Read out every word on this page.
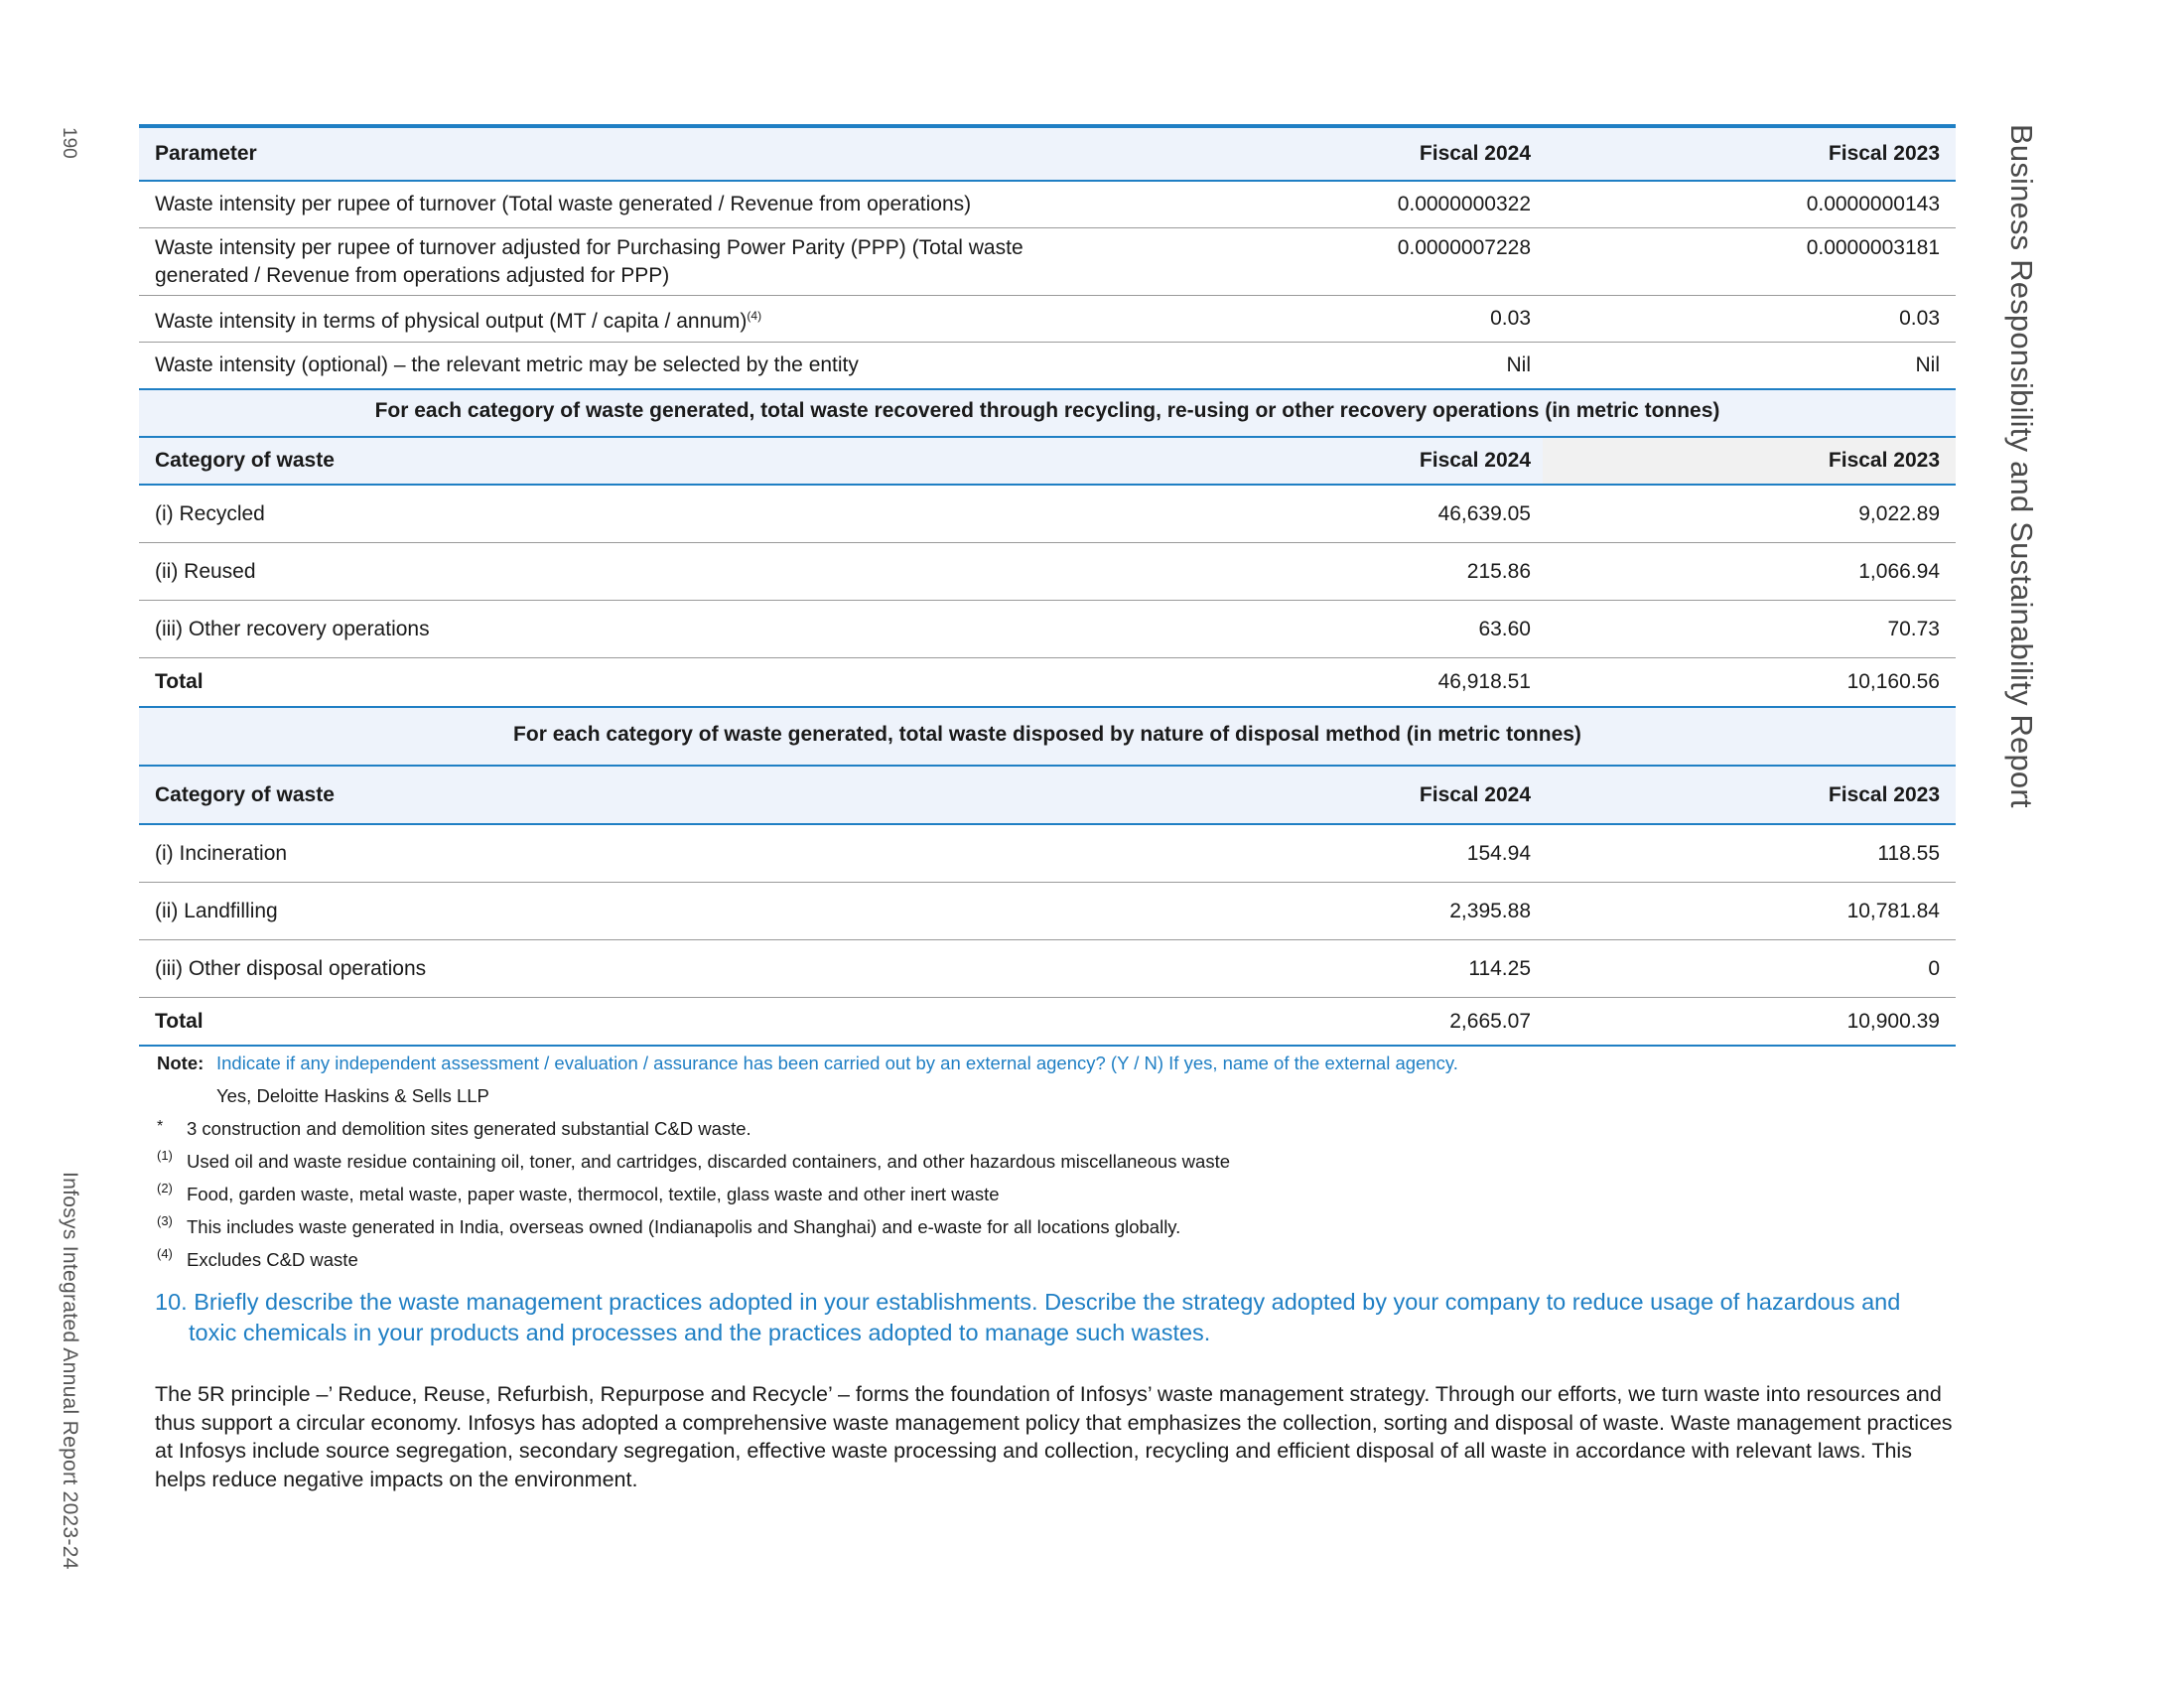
190
Infosys Integrated Annual Report 2023-24
Business Responsibility and Sustainability Report
Parameter	Fiscal 2024	Fiscal 2023
Waste intensity per rupee of turnover (Total waste generated / Revenue from operations)	0.0000000322	0.0000000143
Waste intensity per rupee of turnover adjusted for Purchasing Power Parity (PPP) (Total waste
generated / Revenue from operations adjusted for PPP)
0.0000007228	0.0000003181
Waste intensity in terms of physical output (MT / capita / annum)$^{(4)}$	0.03	0.03
Waste intensity (optional) – the relevant metric may be selected by the entity	Nil	Nil
For each category of waste generated, total waste recovered through recycling, re-using or other recovery operations (in metric tonnes)
Category of waste	Fiscal 2024	Fiscal 2023
(i) Recycled	46,639.05	9,022.89
(ii) Reused	215.86	1,066.94
(iii) Other recovery operations	63.60	70.73
Total	46,918.51	10,160.56
For each category of waste generated, total waste disposed by nature of disposal method (in metric tonnes)
Category of waste	Fiscal 2024	Fiscal 2023
(i) Incineration	154.94	118.55
(ii) Landfilling	2,395.88	10,781.84
(iii) Other disposal operations	114.25	0
Total	2,665.07	10,900.39
Note: Indicate if any independent assessment / evaluation / assurance has been carried out by an external agency? (Y / N) If yes, name of the external agency.
Yes, Deloitte Haskins & Sells LLP
*	3 construction and demolition sites generated substantial C&D waste.
(1) Used oil and waste residue containing oil, toner, and cartridges, discarded containers, and other hazardous miscellaneous waste
(2) Food, garden waste, metal waste, paper waste, thermocol, textile, glass waste and other inert waste
(3) This includes waste generated in India, overseas owned (Indianapolis and Shanghai) and e-waste for all locations globally.
(4) Excludes C&D waste
10. Briefly describe the waste management practices adopted in your establishments. Describe the strategy adopted by your company to reduce usage of hazardous and
toxic chemicals in your products and processes and the practices adopted to manage such wastes.
The 5R principle –’ Reduce, Reuse, Refurbish, Repurpose and Recycle’ – forms the foundation of Infosys’ waste management strategy. Through our efforts, we turn waste into resources and thus support a circular economy. Infosys has adopted a comprehensive waste management policy that emphasizes the collection, sorting and disposal of waste. Waste management practices at Infosys include source segregation, secondary segregation, effective waste processing and collection, recycling and efficient disposal of all waste in accordance with relevant laws. This helps reduce negative impacts on the environment.
